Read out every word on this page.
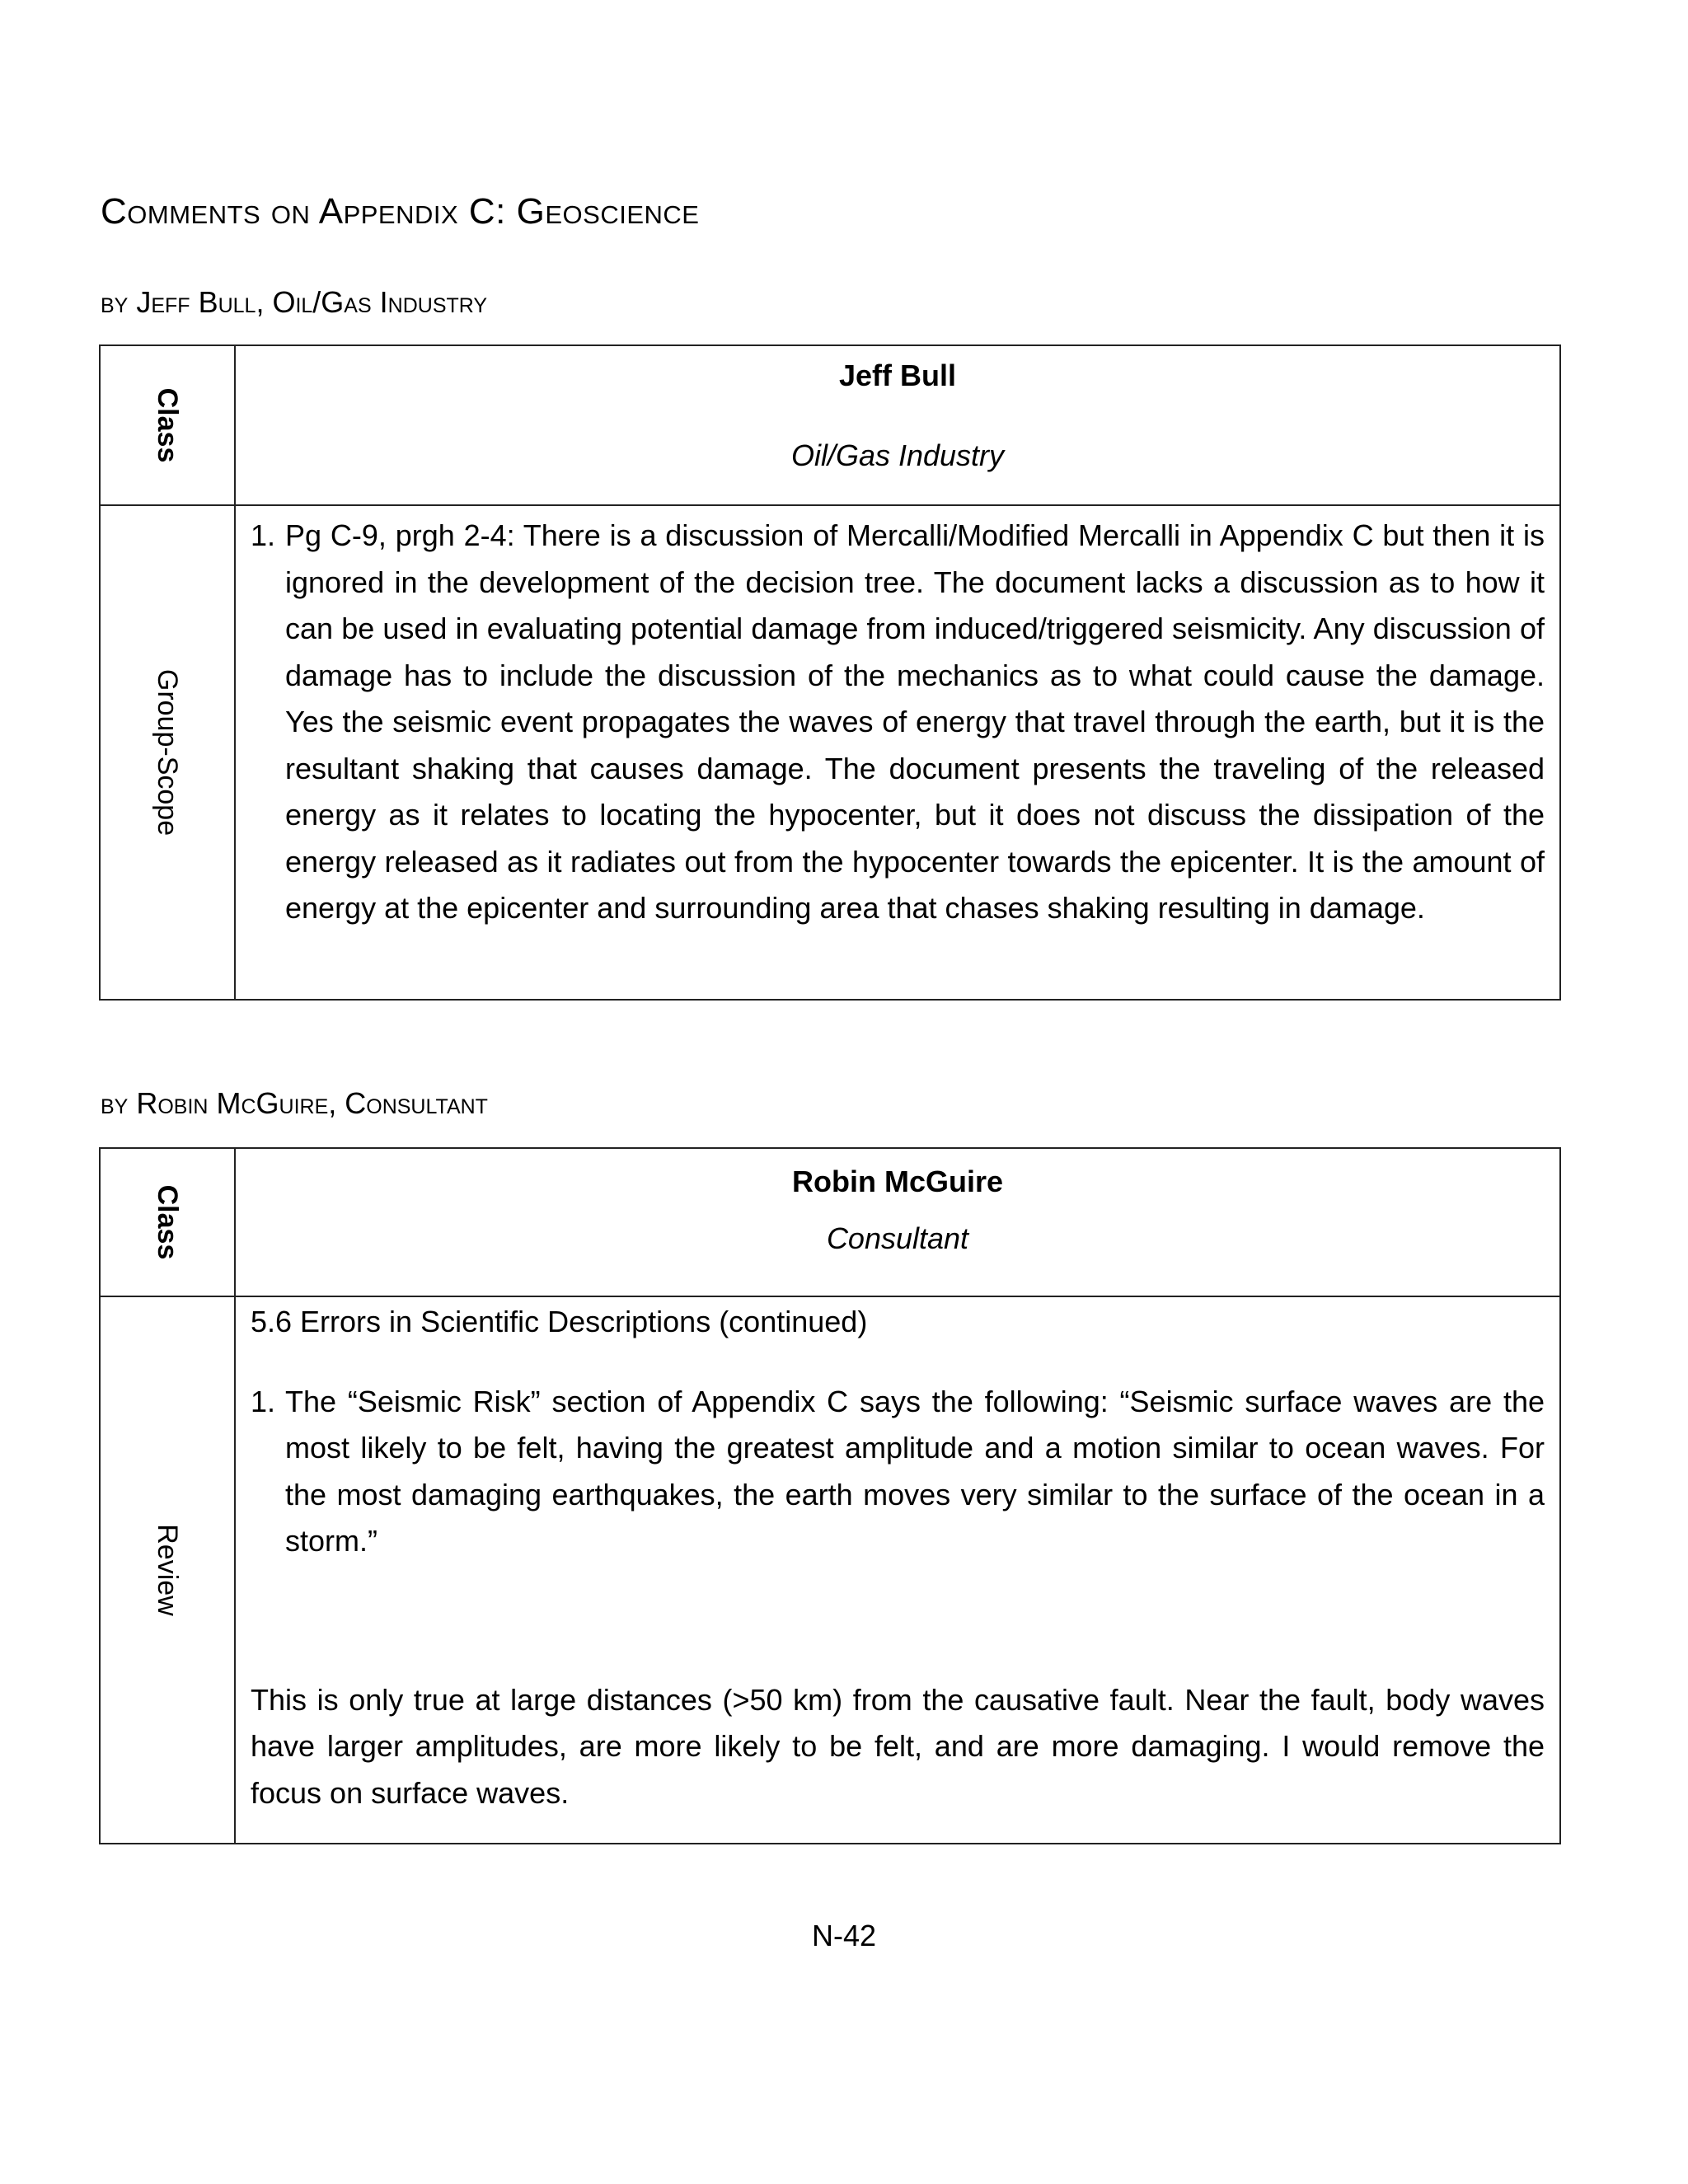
Comments on Appendix C: Geoscience
by Jeff Bull, Oil/Gas Industry
Class	Jeff Bull
Oil/Gas Industry

Group-Scope	1. Pg C-9, prgh 2-4: There is a discussion of Mercalli/Modified Mercalli in Appendix C but then it is ignored in the development of the decision tree. The document lacks a discussion as to how it can be used in evaluating potential damage from induced/triggered seismicity. Any discussion of damage has to include the discussion of the mechanics as to what could cause the damage. Yes the seismic event propagates the waves of energy that travel through the earth, but it is the resultant shaking that causes damage. The document presents the traveling of the released energy as it relates to locating the hypocenter, but it does not discuss the dissipation of the energy released as it radiates out from the hypocenter towards the epicenter. It is the amount of energy at the epicenter and surrounding area that chases shaking resulting in damage.
by Robin McGuire, Consultant
Class	Robin McGuire
Consultant

Review	5.6 Errors in Scientific Descriptions (continued)

1. The “Seismic Risk” section of Appendix C says the following: “Seismic surface waves are the most likely to be felt, having the greatest amplitude and a motion similar to ocean waves. For the most damaging earthquakes, the earth moves very similar to the surface of the ocean in a storm.”

This is only true at large distances (>50 km) from the causative fault. Near the fault, body waves have larger amplitudes, are more likely to be felt, and are more damaging. I would remove the focus on surface waves.

N-42
